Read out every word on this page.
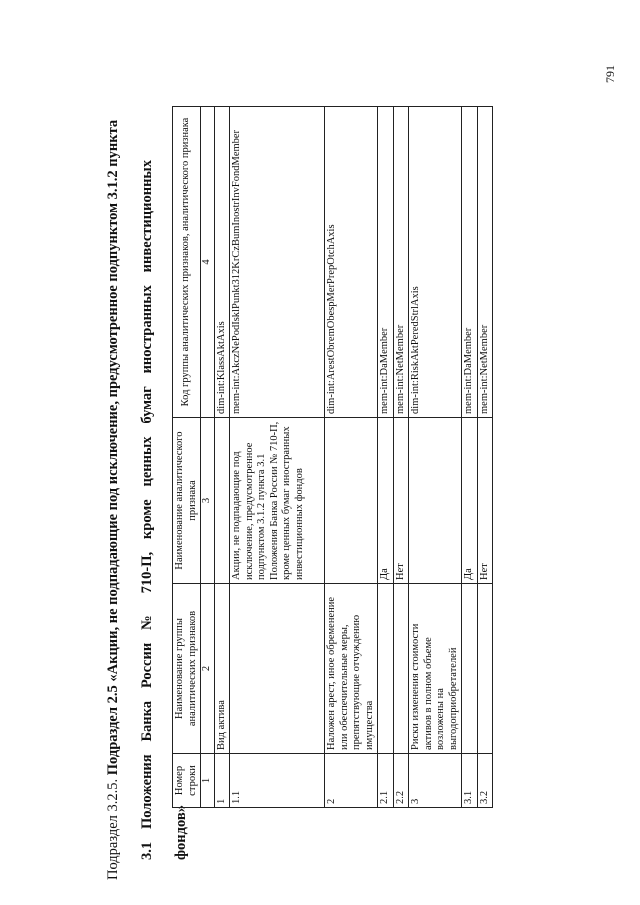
791
Подраздел 3.2.5. Подраздел 2.5 «Акции, не подпадающие под исключение, предусмотренное подпунктом 3.1.2 пункта	3.1 Положения Банка России № 710-П, кроме ценных бумаг иностранных инвестиционных	фондов»
Номер строки	Наименование группы аналитических признаков	Наименование аналитического признака	Код группы аналитических признаков, аналитического признака
1	2	3	4
1	Вид актива		dim-int:KlassAktAxis
1.1		Акции, не подпадающие под исключение, предусмотренное подпунктом 3.1.2 пункта 3.1 Положения Банка России № 710-П, кроме ценных бумаг иностранных инвестиционных фондов	mem-int:AkczNePodIsklPunkt312KrCzBumInostrInvFondMember
2	Наложен арест, иное обременение или обеспечительные меры, препятствующие отчуждению имущества		dim-int:ArestObremObespMerPrepOtchAxis
2.1		Да	mem-int:DaMember
2.2		Нет	mem-int:NetMember
3	Риски изменения стоимости активов в полном объеме возложены на выгодоприобретателей		dim-int:RiskAktPeredStrlAxis
3.1		Да	mem-int:DaMember
3.2		Нет	mem-int:NetMember
